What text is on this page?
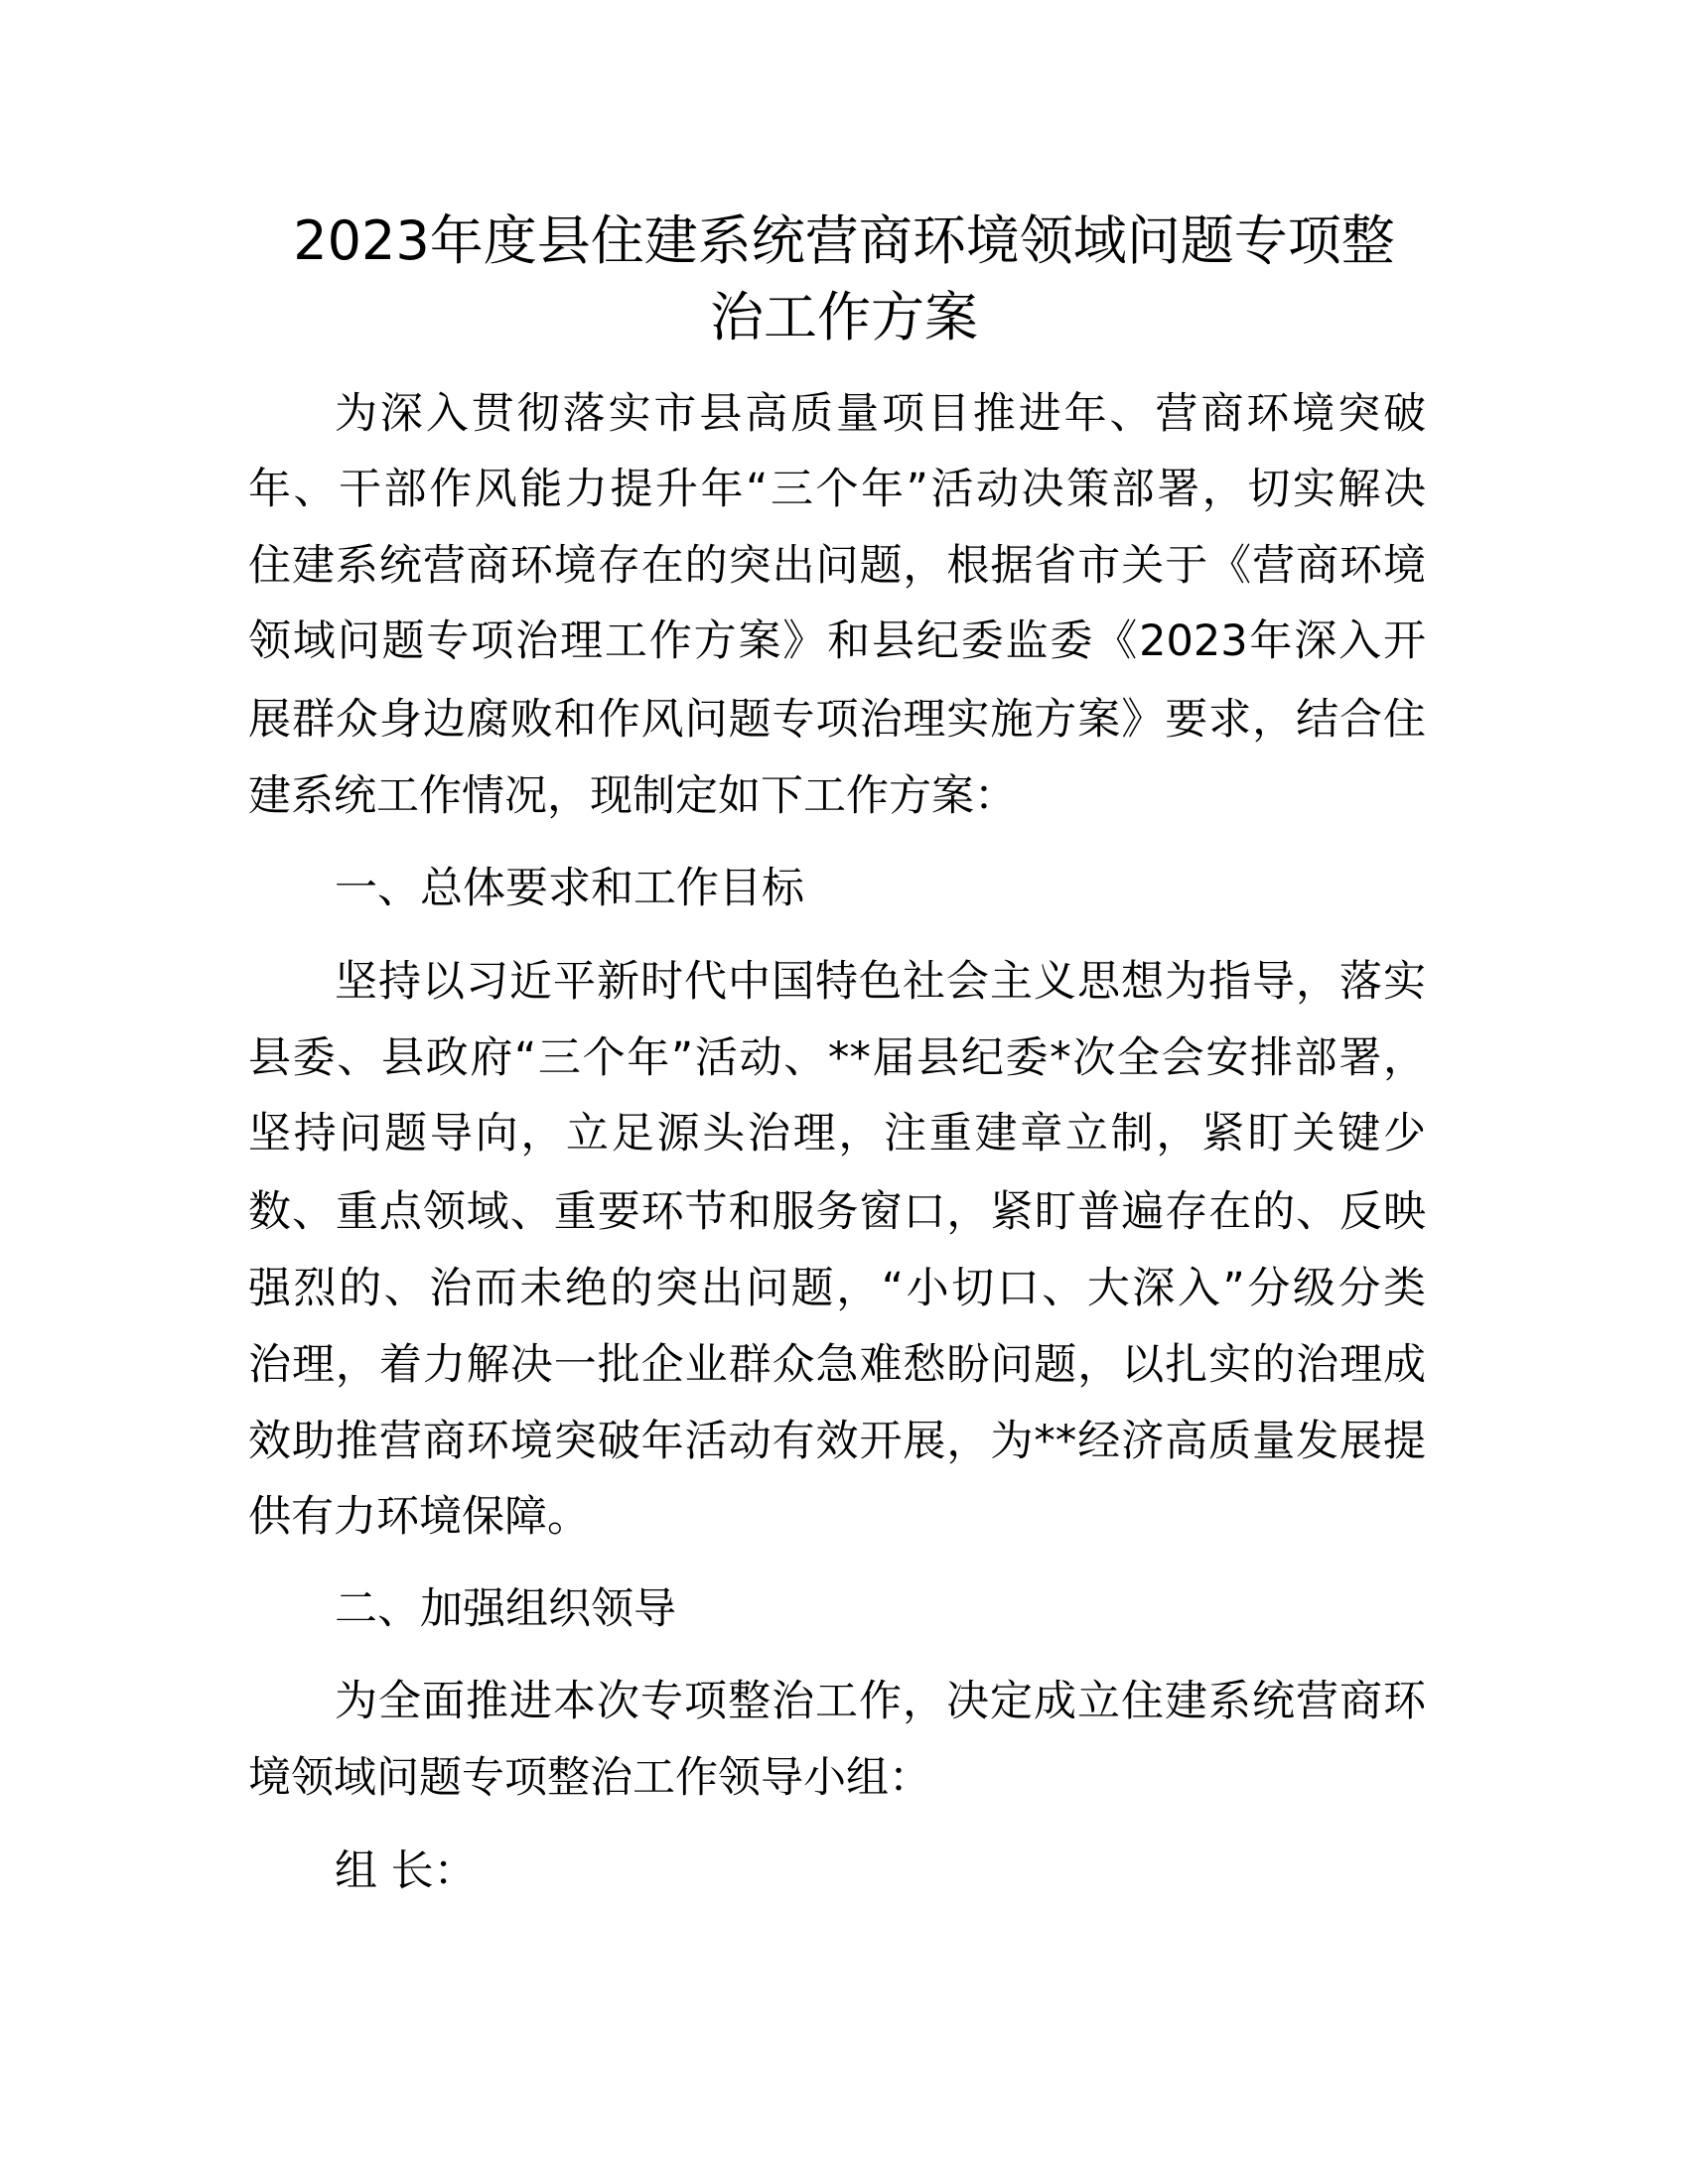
2023年度县住建系统营商环境领域问题专项整
治工作方案
为深入贯彻落实市县高质量项目推进年、营商环境突破
年、干部作风能力提升年“三个年”活动决策部署，切实解决
住建系统营商环境存在的突出问题，根据省市关于《营商环境
领域问题专项治理工作方案》和县纪委监委《2023年深入开
展群众身边腐败和作风问题专项治理实施方案》要求，结合住
建系统工作情况，现制定如下工作方案：
一、总体要求和工作目标
坚持以习近平新时代中国特色社会主义思想为指导，落实
县委、县政府“三个年”活动、**届县纪委*次全会安排部署，
坚持问题导向，立足源头治理，注重建章立制，紧盯关键少
数、重点领域、重要环节和服务窗口，紧盯普遍存在的、反映
强烈的、治而未绝的突出问题，“小切口、大深入”分级分类
治理，着力解决一批企业群众急难愁盼问题，以扎实的治理成
效助推营商环境突破年活动有效开展，为**经济高质量发展提
供有力环境保障。
二、加强组织领导
为全面推进本次专项整治工作，决定成立住建系统营商环
境领域问题专项整治工作领导小组：
组 长：
